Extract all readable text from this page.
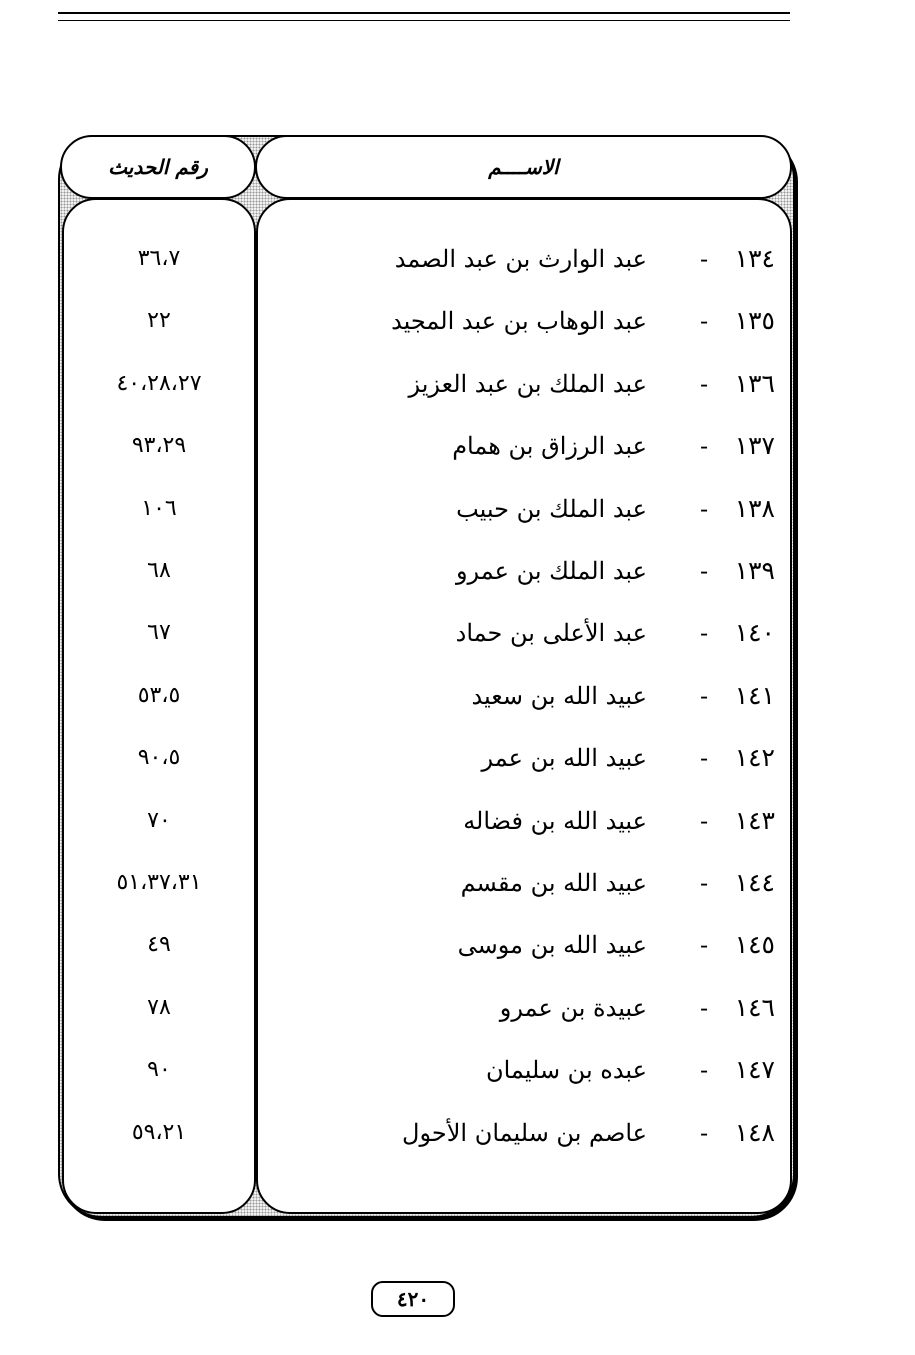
الاســــم
رقم الحديث
١٣٤
-
عبد الوارث بن عبد الصمد
٣٦،٧
١٣٥
-
عبد الوهاب بن عبد المجيد
٢٢
١٣٦
-
عبد الملك بن عبد العزيز
٤٠،٢٨،٢٧
١٣٧
-
عبد الرزاق بن همام
٩٣،٢٩
١٣٨
-
عبد الملك بن حبيب
١٠٦
١٣٩
-
عبد الملك بن عمرو
٦٨
١٤٠
-
عبد الأعلى بن حماد
٦٧
١٤١
-
عبيد الله بن سعيد
٥٣،٥
١٤٢
-
عبيد الله بن عمر
٩٠،٥
١٤٣
-
عبيد الله بن فضاله
٧٠
١٤٤
-
عبيد الله بن مقسم
٥١،٣٧،٣١
١٤٥
-
عبيد الله بن موسى
٤٩
١٤٦
-
عبيدة بن عمرو
٧٨
١٤٧
-
عبده بن سليمان
٩٠
١٤٨
-
عاصم بن سليمان الأحول
٥٩،٢١
٤٢٠
